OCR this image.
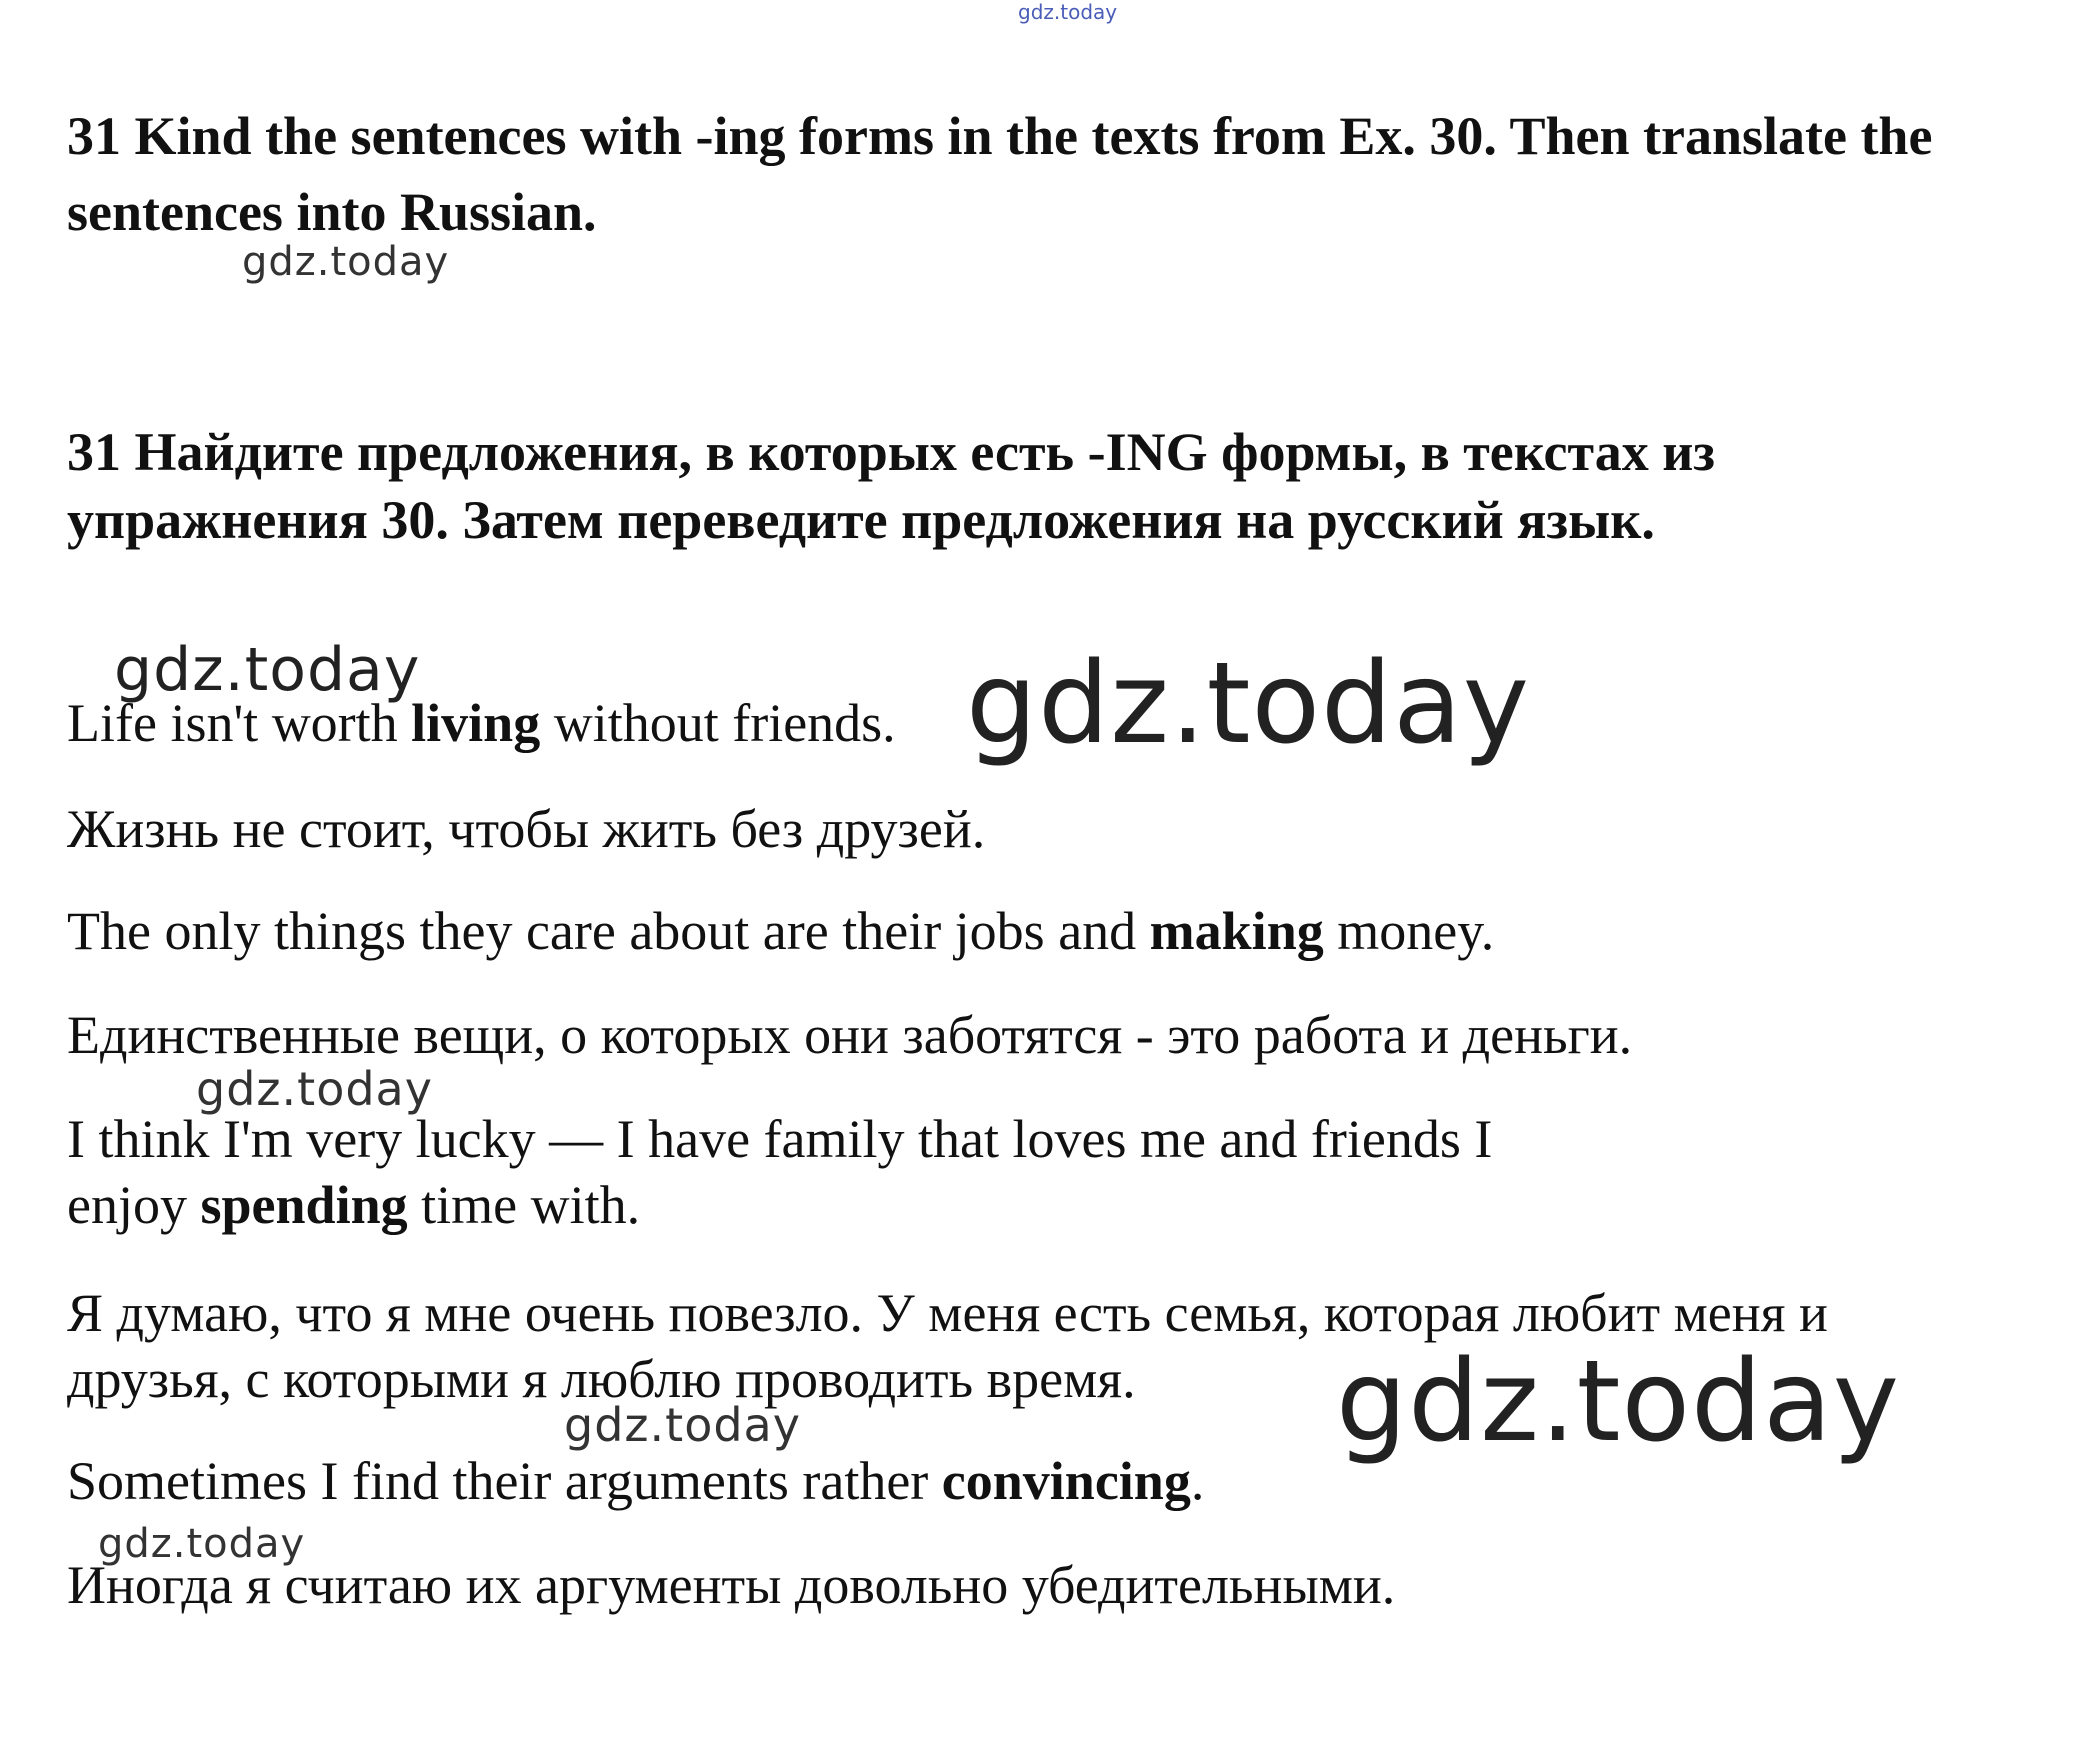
gdz.today
gdz.today
gdz.today	gdz.today
gdz.today
gdz.today
gdz.today
gdz.today

31 Kind the sentences with -ing forms in the texts from Ex. 30. Then translate the sentences into Russian.

31 Найдите предложения, в которых есть -ING формы, в текстах из упражнения 30. Затем переведите предложения на русский язык.

Life isn't worth living without friends.

Жизнь не стоит, чтобы жить без друзей.

The only things they care about are their jobs and making money.

Единственные вещи, о которых они заботятся - это работа и деньги.

I think I'm very lucky — I have family that loves me and friends I

enjoy spending time with.

Я думаю, что я мне очень повезло. У меня есть семья, которая любит меня и

друзья, с которыми я люблю проводить время.

Sometimes I find their arguments rather convincing.

Иногда я считаю их аргументы довольно убедительными.
